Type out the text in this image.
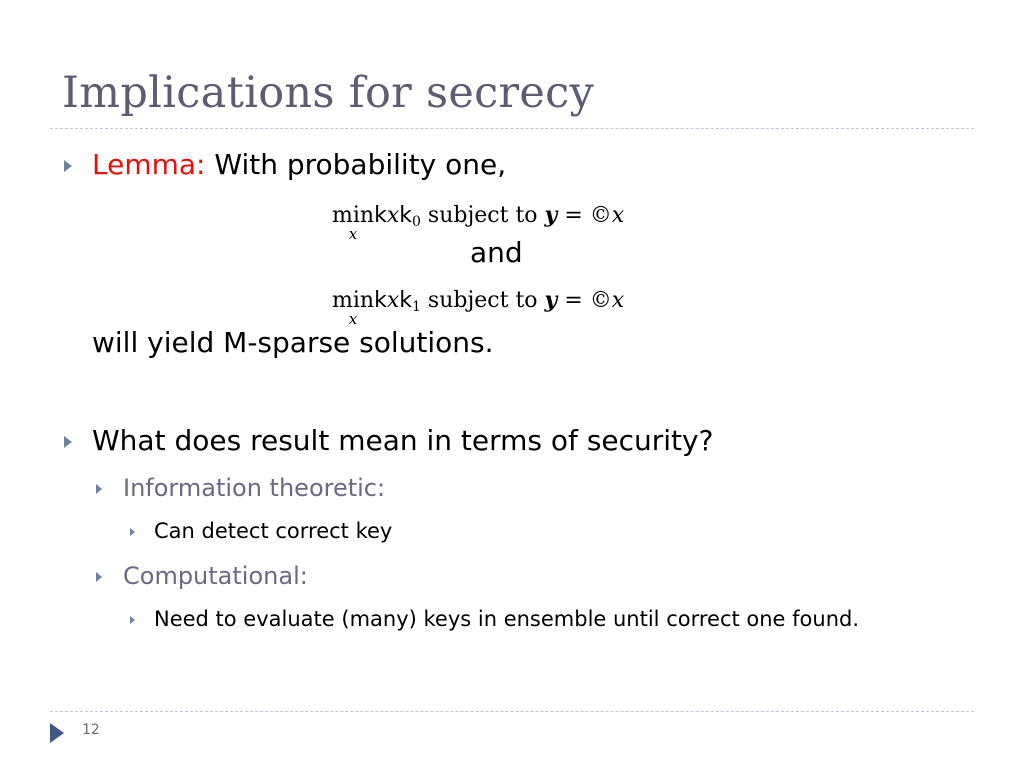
Implications for secrecy
Lemma: With probability one,
min
x
kxk$_0$ subject to y = ©x
and
min
x
kxk$_1$ subject to y = ©x
will yield M-sparse solutions.
What does result mean in terms of security?
Information theoretic:
Can detect correct key
Computational:
Need to evaluate (many) keys in ensemble until correct one found.
12
